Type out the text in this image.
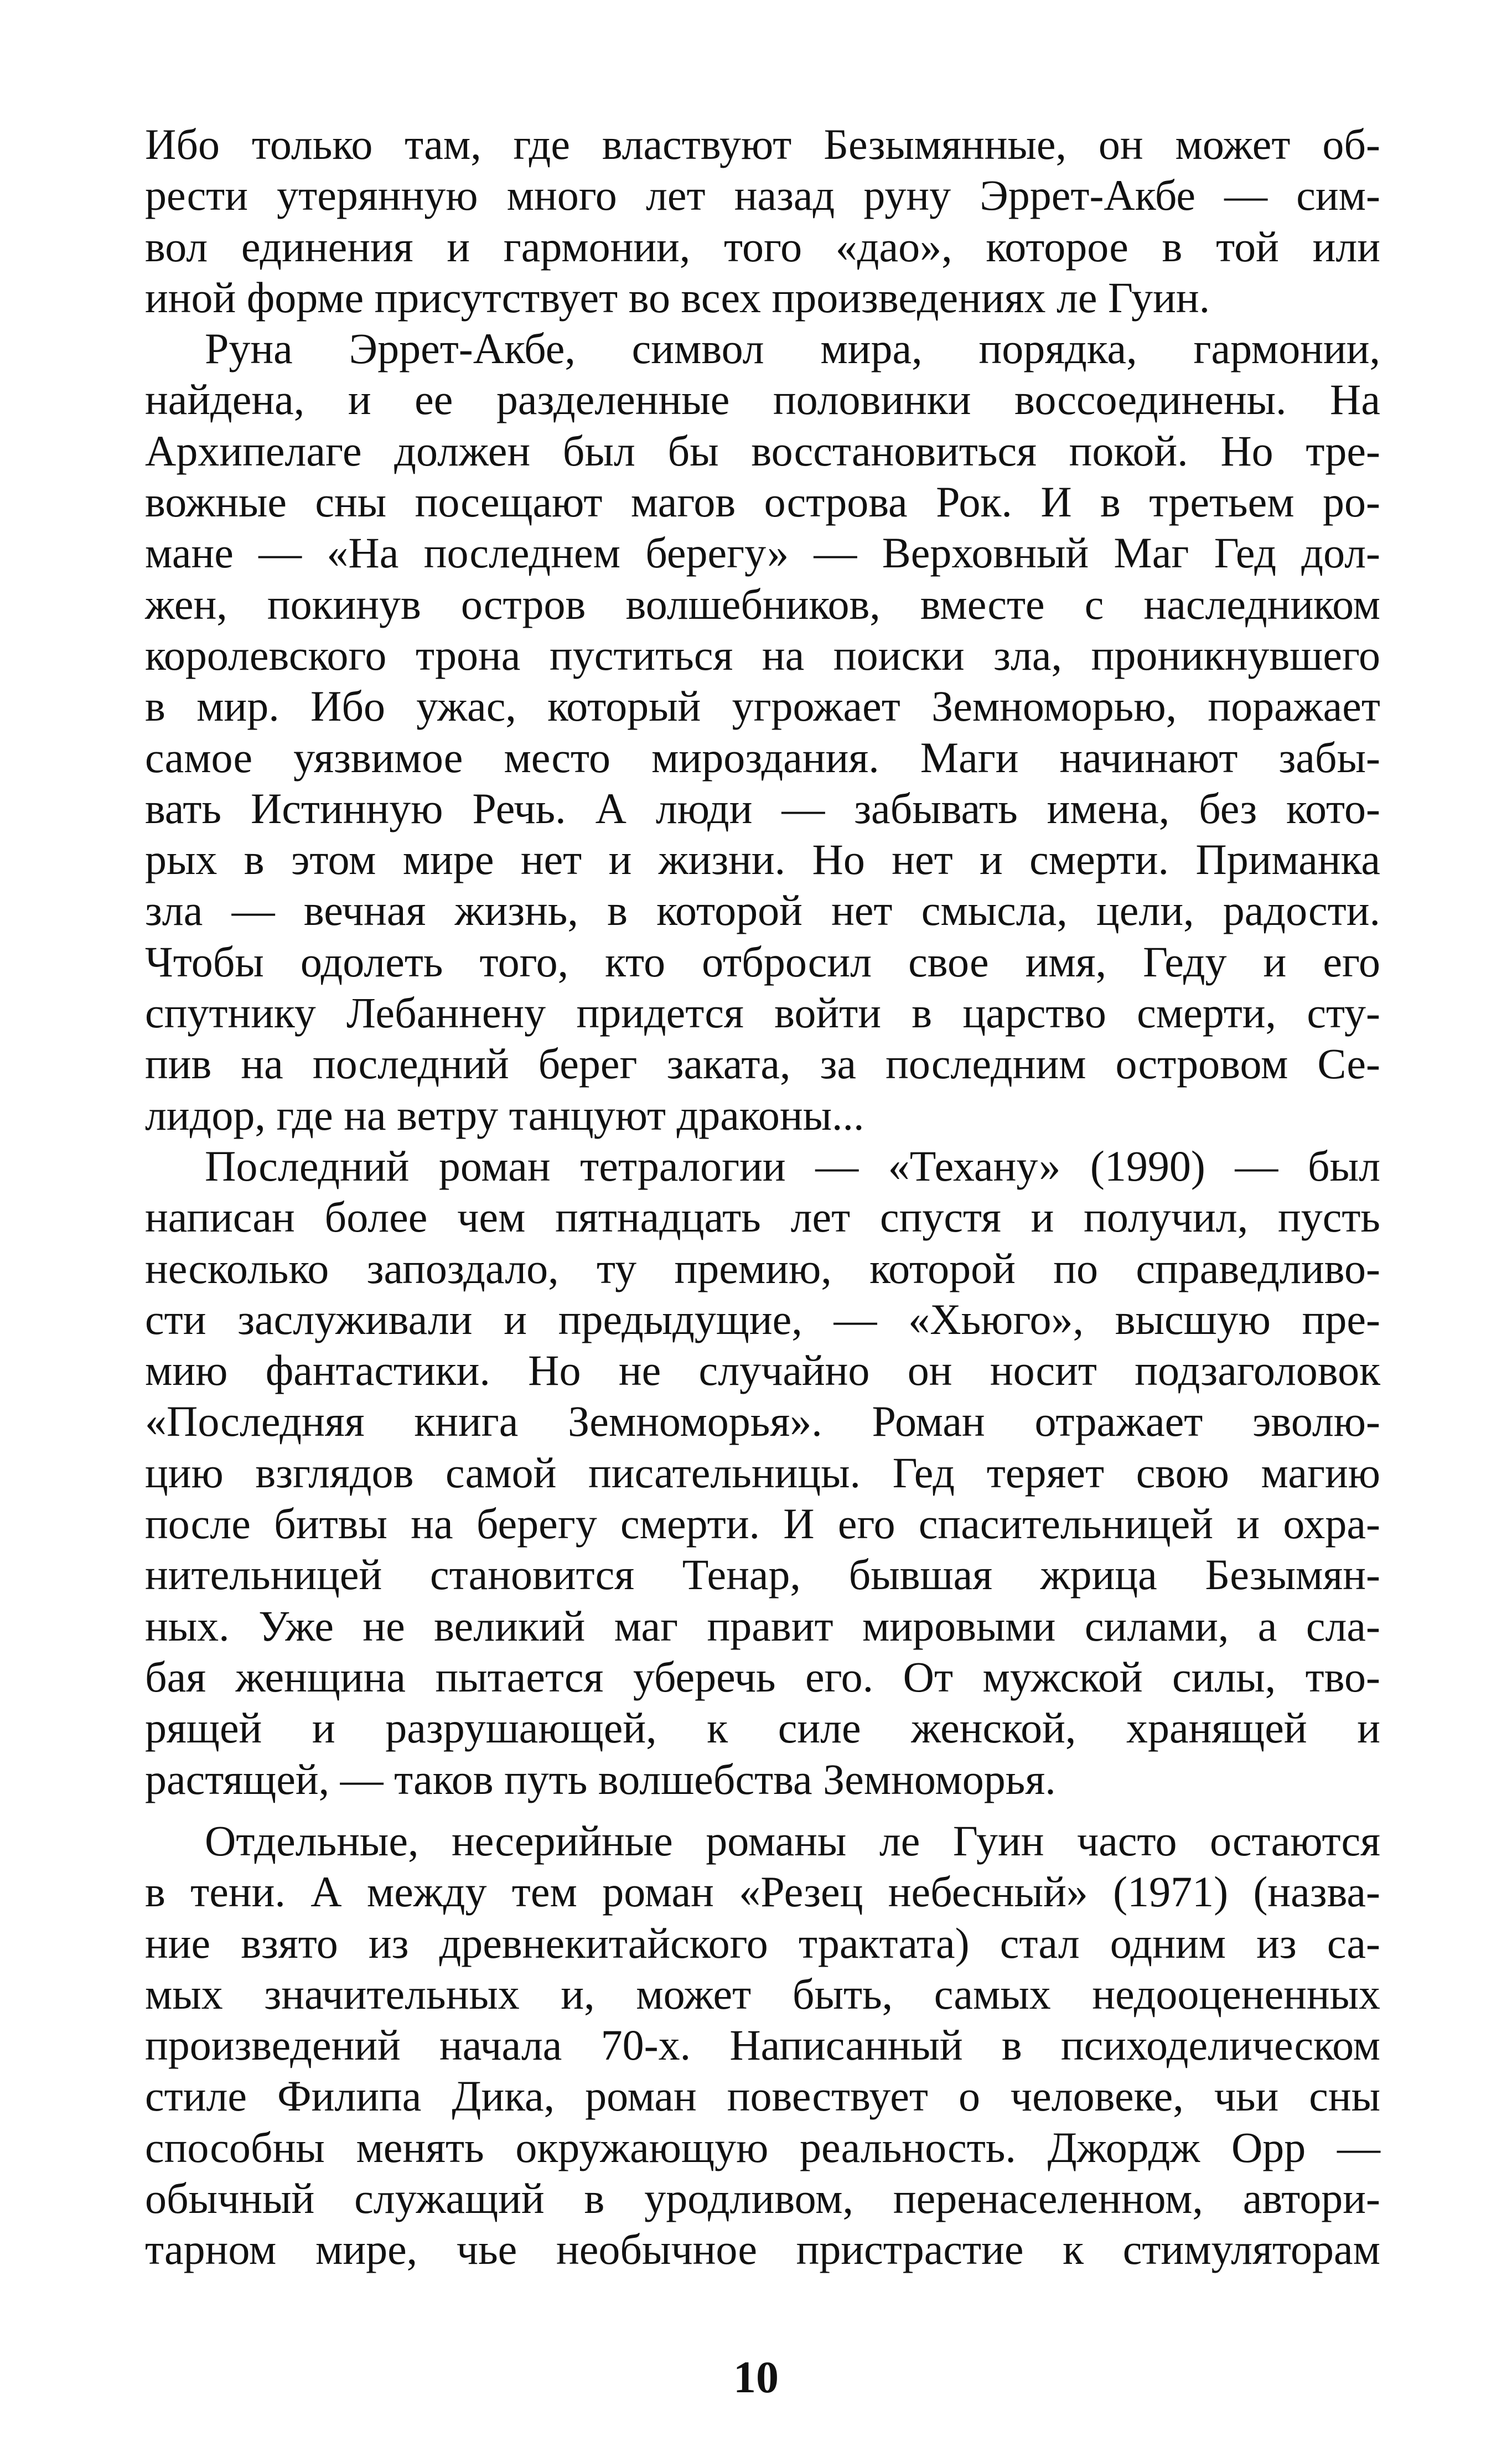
Ибо только там, где властвуют Безымянные, он может об-
рести утерянную много лет назад руну Эррет-Акбе — сим-
вол единения и гармонии, того «дао», которое в той или
иной форме присутствует во всех произведениях ле Гуин.
Руна Эррет-Акбе, символ мира, порядка, гармонии,
найдена, и ее разделенные половинки воссоединены. На
Архипелаге должен был бы восстановиться покой. Но тре-
вожные сны посещают магов острова Рок. И в третьем ро-
мане — «На последнем берегу» — Верховный Маг Гед дол-
жен, покинув остров волшебников, вместе с наследником
королевского трона пуститься на поиски зла, проникнувшего
в мир. Ибо ужас, который угрожает Земноморью, поражает
самое уязвимое место мироздания. Маги начинают забы-
вать Истинную Речь. А люди — забывать имена, без кото-
рых в этом мире нет и жизни. Но нет и смерти. Приманка
зла — вечная жизнь, в которой нет смысла, цели, радости.
Чтобы одолеть того, кто отбросил свое имя, Геду и его
спутнику Лебаннену придется войти в царство смерти, сту-
пив на последний берег заката, за последним островом Се-
лидор, где на ветру танцуют драконы...
Последний роман тетралогии — «Техану» (1990) — был
написан более чем пятнадцать лет спустя и получил, пусть
несколько запоздало, ту премию, которой по справедливо-
сти заслуживали и предыдущие, — «Хьюго», высшую пре-
мию фантастики. Но не случайно он носит подзаголовок
«Последняя книга Земноморья». Роман отражает эволю-
цию взглядов самой писательницы. Гед теряет свою магию
после битвы на берегу смерти. И его спасительницей и охра-
нительницей становится Тенар, бывшая жрица Безымян-
ных. Уже не великий маг правит мировыми силами, а сла-
бая женщина пытается уберечь его. От мужской силы, тво-
рящей и разрушающей, к силе женской, хранящей и
растящей, — таков путь волшебства Земноморья.
Отдельные, несерийные романы ле Гуин часто остаются
в тени. А между тем роман «Резец небесный» (1971) (назва-
ние взято из древнекитайского трактата) стал одним из са-
мых значительных и, может быть, самых недооцененных
произведений начала 70-х. Написанный в психоделическом
стиле Филипа Дика, роман повествует о человеке, чьи сны
способны менять окружающую реальность. Джордж Орр —
обычный служащий в уродливом, перенаселенном, автори-
тарном мире, чье необычное пристрастие к стимуляторам
10
